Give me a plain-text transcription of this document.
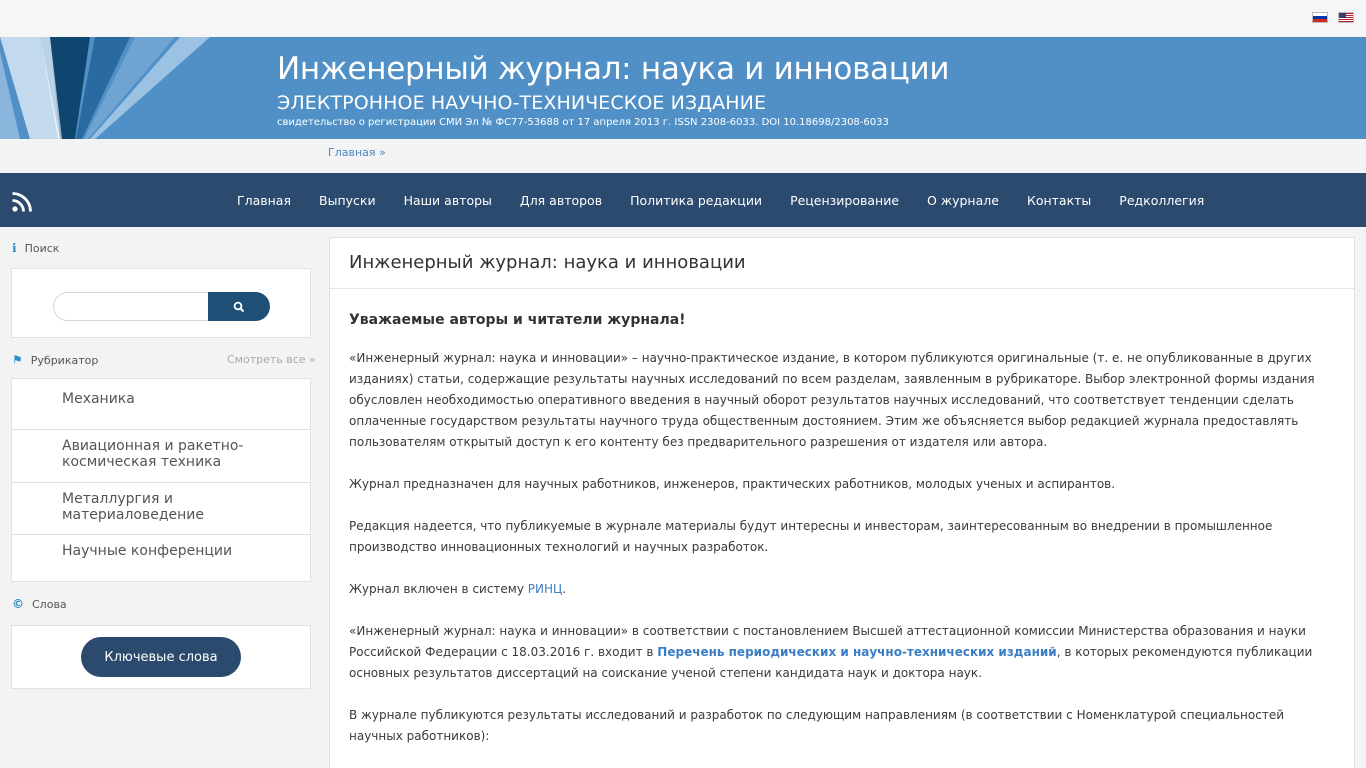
Инженерный журнал: наука и инновации
ЭЛЕКТРОННОЕ НАУЧНО-ТЕХНИЧЕСКОЕ ИЗДАНИЕ
свидетельство о регистрации СМИ Эл № ФС77-53688 от 17 апреля 2013 г. ISSN 2308-6033. DOI 10.18698/2308-6033
Главная »
Главная	Выпуски	Наши авторы	Для авторов	Политика редакции	Рецензирование	О журнале	Контакты	Редколлегия
ℹ Поиск
⚑ Рубрикатор	Смотреть все »
Механика
Авиационная и ракетно-космическая техника
Металлургия и материаловедение
Научные конференции
© Слова
Ключевые слова
Инженерный журнал: наука и инновации
Уважаемые авторы и читатели журнала!

«Инженерный журнал: наука и инновации» – научно-практическое издание, в котором публикуются оригинальные (т. е. не опубликованные в других изданиях) статьи, содержащие результаты научных исследований по всем разделам, заявленным в рубрикаторе. Выбор электронной формы издания обусловлен необходимостью оперативного введения в научный оборот результатов научных исследований, что соответствует тенденции сделать оплаченные государством результаты научного труда общественным достоянием. Этим же объясняется выбор редакцией журнала предоставлять пользователям открытый доступ к его контенту без предварительного разрешения от издателя или автора.

Журнал предназначен для научных работников, инженеров, практических работников, молодых ученых и аспирантов.

Редакция надеется, что публикуемые в журнале материалы будут интересны и инвесторам, заинтересованным во внедрении в промышленное производство инновационных технологий и научных разработок.

Журнал включен в систему РИНЦ.

«Инженерный журнал: наука и инновации» в соответствии с постановлением Высшей аттестационной комиссии Министерства образования и науки Российской Федерации с 18.03.2016 г. входит в Перечень периодических и научно-технических изданий, в которых рекомендуются публикации основных результатов диссертаций на соискание ученой степени кандидата наук и доктора наук.

В журнале публикуются результаты исследований и разработок по следующим направлениям (в соответствии с Номенклатурой специальностей научных работников):
